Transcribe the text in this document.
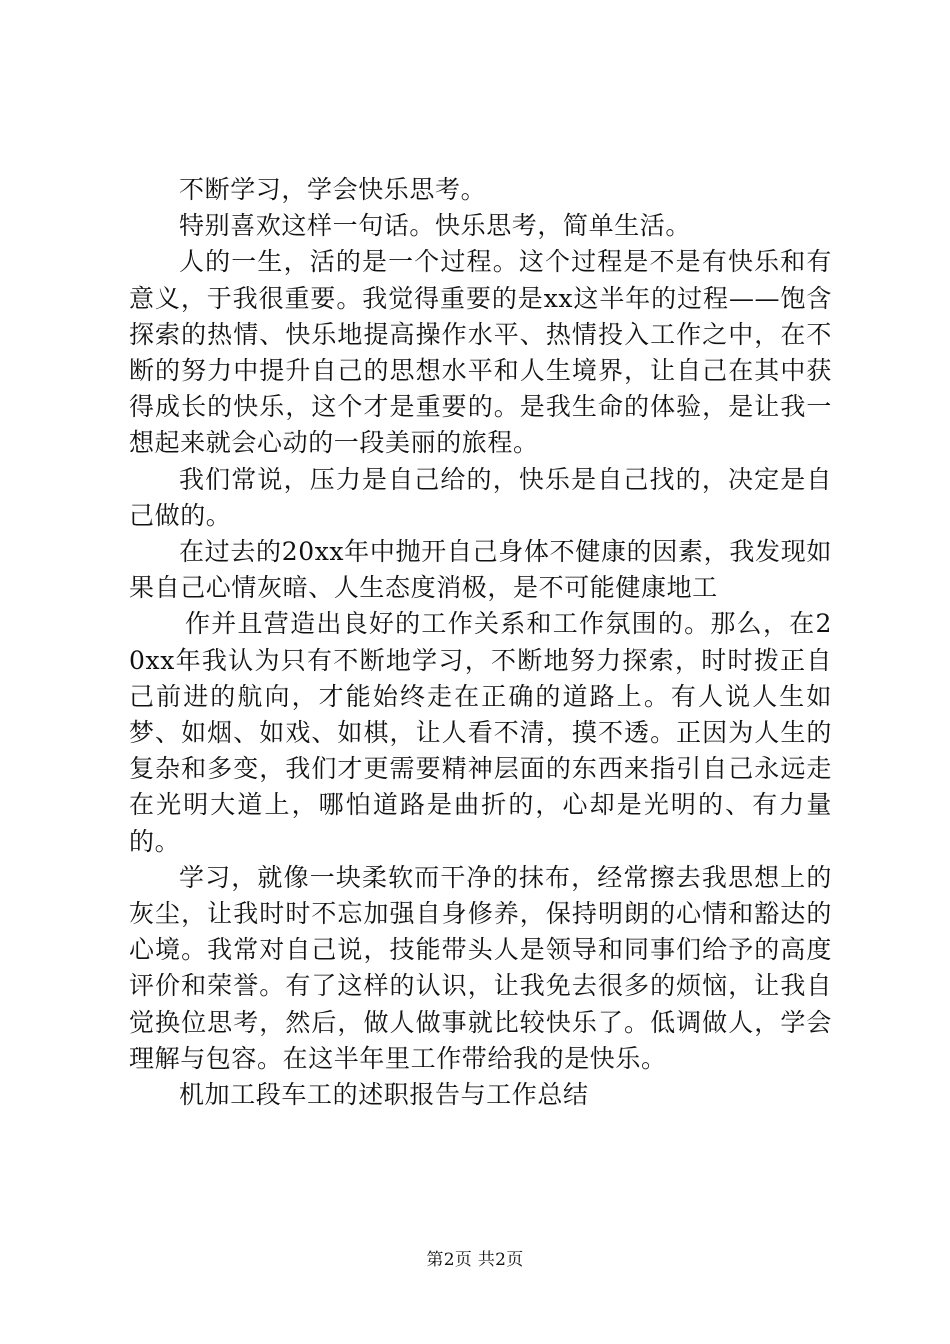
不断学习，学会快乐思考。

特别喜欢这样一句话。快乐思考，简单生活。

人的一生，活的是一个过程。这个过程是不是有快乐和有意义，于我很重要。我觉得重要的是xx这半年的过程——饱含探索的热情、快乐地提高操作水平、热情投入工作之中，在不断的努力中提升自己的思想水平和人生境界，让自己在其中获得成长的快乐，这个才是重要的。是我生命的体验，是让我一想起来就会心动的一段美丽的旅程。

我们常说，压力是自己给的，快乐是自己找的，决定是自己做的。

在过去的20xx年中抛开自己身体不健康的因素，我发现如果自己心情灰暗、人生态度消极，是不可能健康地工

作并且营造出良好的工作关系和工作氛围的。那么，在20xx年我认为只有不断地学习，不断地努力探索，时时拨正自己前进的航向，才能始终走在正确的道路上。有人说人生如梦、如烟、如戏、如棋，让人看不清，摸不透。正因为人生的复杂和多变，我们才更需要精神层面的东西来指引自己永远走在光明大道上，哪怕道路是曲折的，心却是光明的、有力量的。

学习，就像一块柔软而干净的抹布，经常擦去我思想上的灰尘，让我时时不忘加强自身修养，保持明朗的心情和豁达的心境。我常对自己说，技能带头人是领导和同事们给予的高度评价和荣誉。有了这样的认识，让我免去很多的烦恼，让我自觉换位思考，然后，做人做事就比较快乐了。低调做人，学会理解与包容。在这半年里工作带给我的是快乐。

机加工段车工的述职报告与工作总结

第2页 共2页
